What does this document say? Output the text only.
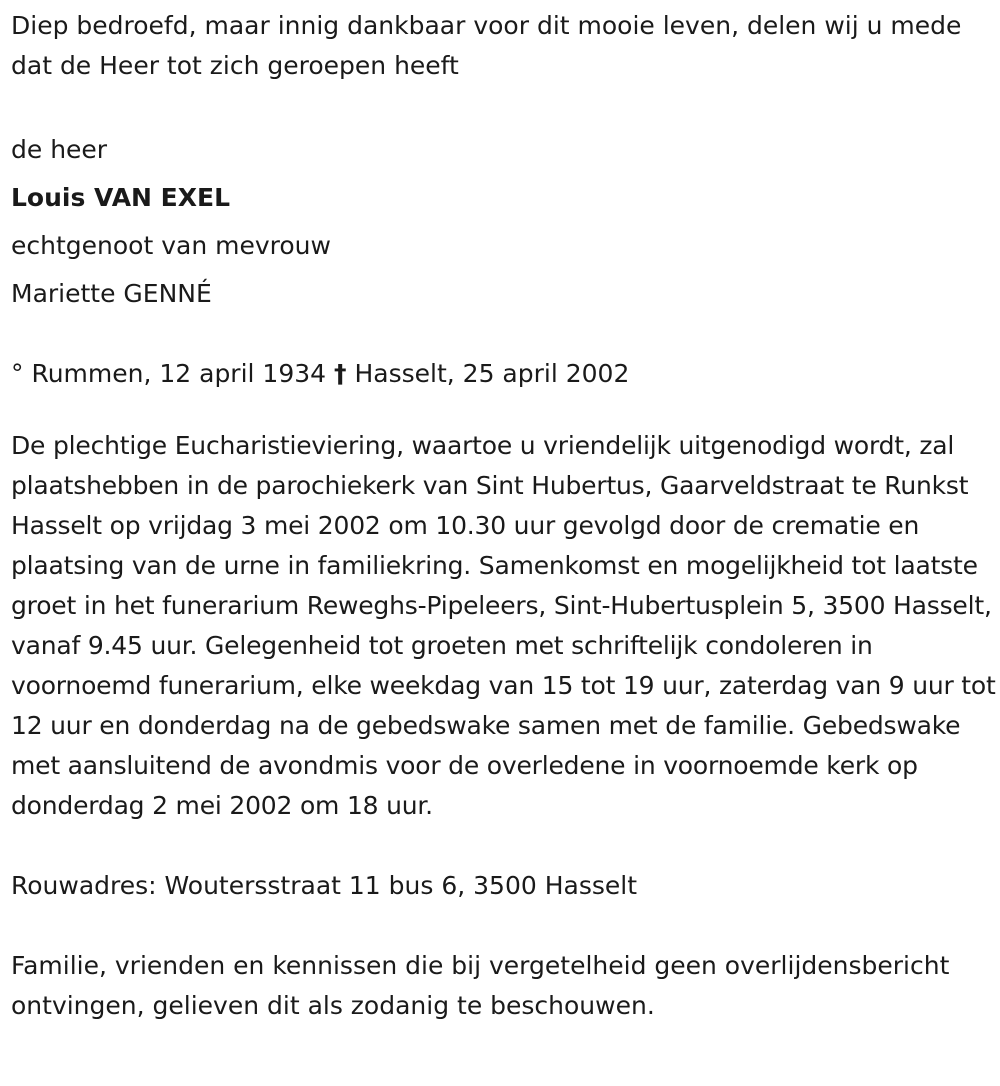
Diep bedroefd, maar innig dankbaar voor dit mooie leven, delen wij u mede dat de Heer tot zich geroepen heeft

de heer

Louis VAN EXEL

echtgenoot van mevrouw

Mariette GENNÉ

° Rummen, 12 april 1934 † Hasselt, 25 april 2002

De plechtige Eucharistieviering, waartoe u vriendelijk uitgenodigd wordt, zal plaatshebben in de parochiekerk van Sint Hubertus, Gaarveldstraat te Runkst Hasselt op vrijdag 3 mei 2002 om 10.30 uur gevolgd door de crematie en plaatsing van de urne in familiekring. Samenkomst en mogelijkheid tot laatste groet in het funerarium Reweghs-Pipeleers, Sint-Hubertusplein 5, 3500 Hasselt, vanaf 9.45 uur. Gelegenheid tot groeten met schriftelijk condoleren in voornoemd funerarium, elke weekdag van 15 tot 19 uur, zaterdag van 9 uur tot 12 uur en donderdag na de gebedswake samen met de familie. Gebedswake met aansluitend de avondmis voor de overledene in voornoemde kerk op donderdag 2 mei 2002 om 18 uur.

Rouwadres: Woutersstraat 11 bus 6, 3500 Hasselt

Familie, vrienden en kennissen die bij vergetelheid geen overlijdensbericht ontvingen, gelieven dit als zodanig te beschouwen.
